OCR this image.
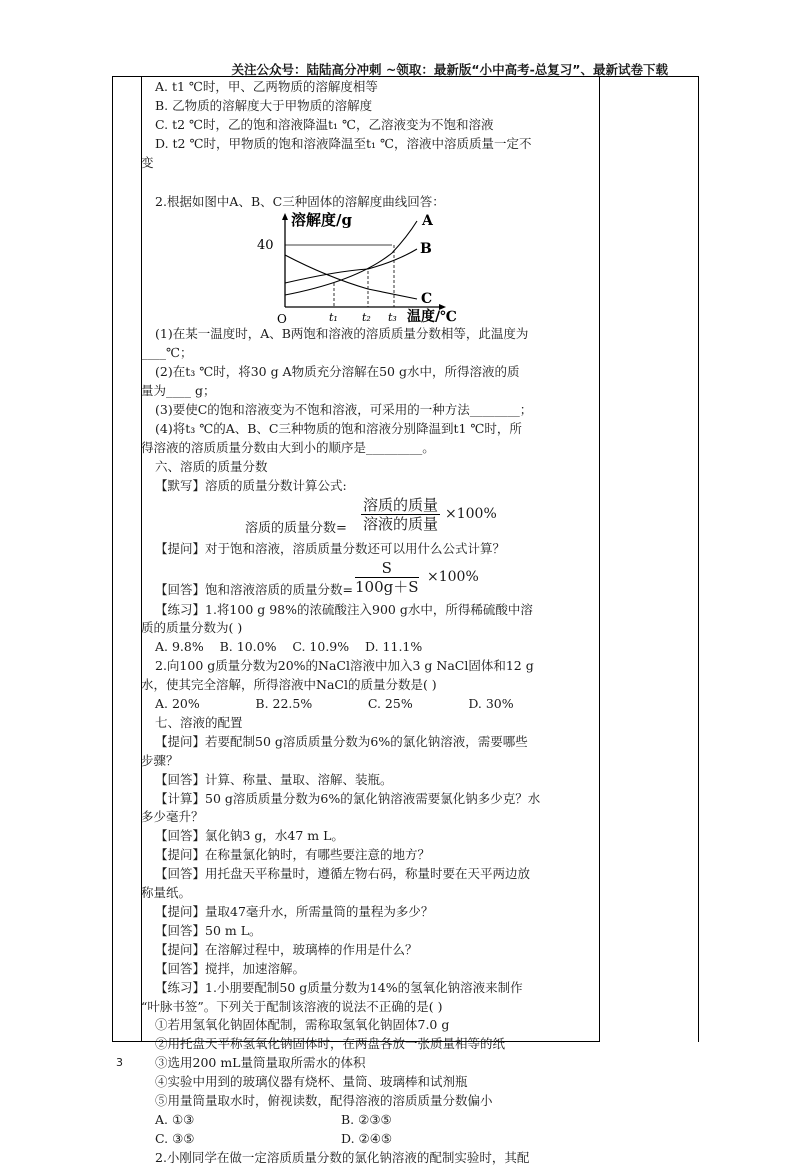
关注公众号：陆陆高分冲刺 ~领取：最新版“小中高考-总复习”、最新试卷下载

A. t1 ℃时，甲、乙两物质的溶解度相等

B. 乙物质的溶解度大于甲物质的溶解度

C. t2 ℃时，乙的饱和溶液降温t₁ ℃，乙溶液变为不饱和溶液

D. t2 ℃时，甲物质的饱和溶液降温至t₁ ℃，溶液中溶质质量一定不

变

2.根据如图中A、B、C三种固体的溶解度曲线回答：

溶解度/g
40
O
A
B
C
t₁ t₂ t₃ 温度/℃

(1)在某一温度时，A、B两饱和溶液的溶质质量分数相等，此温度为

____℃；

(2)在t₃ ℃时，将30 g A物质充分溶解在50 g水中，所得溶液的质

量为____ g；

(3)要使C的饱和溶液变为不饱和溶液，可采用的一种方法________；

(4)将t₃ ℃的A、B、C三种物质的饱和溶液分别降温到t1 ℃时，所

得溶液的溶质质量分数由大到小的顺序是_________。

六、溶质的质量分数

【默写】溶质的质量分数计算公式:

溶质的质量分数=
溶质的质量
溶液的质量
×100%

【提问】对于饱和溶液，溶质质量分数还可以用什么公式计算？

【回答】饱和溶液溶质的质量分数= $\frac{S}{100g+S} \times 100\%$

【练习】1.将100 g 98%的浓硫酸注入900 g水中，所得稀硫酸中溶

质的质量分数为( )

A. 9.8%    B. 10.0%    C. 10.9%    D. 11.1%

2.向100 g质量分数为20%的NaCl溶液中加入3 g NaCl固体和12 g

水，使其完全溶解，所得溶液中NaCl的质量分数是( )

A. 20%              B. 22.5%              C. 25%              D. 30%

七、溶液的配置

【提问】若要配制50 g溶质质量分数为6%的氯化钠溶液，需要哪些

步骤？

【回答】计算、称量、量取、溶解、装瓶。

【计算】50 g溶质质量分数为6%的氯化钠溶液需要氯化钠多少克？水

多少毫升？

【回答】氯化钠3 g，水47 m L。

【提问】在称量氯化钠时，有哪些要注意的地方？

【回答】用托盘天平称量时，遵循左物右码，称量时要在天平两边放

称量纸。

【提问】量取47毫升水，所需量筒的量程为多少？

【回答】50 m L。

【提问】在溶解过程中，玻璃棒的作用是什么？

【回答】搅拌，加速溶解。

【练习】1.小朋要配制50 g质量分数为14%的氢氧化钠溶液来制作

“叶脉书签”。下列关于配制该溶液的说法不正确的是( )

①若用氢氧化钠固体配制，需称取氢氧化钠固体7.0 g

②用托盘天平称氢氧化钠固体时，在两盘各放一张质量相等的纸

③选用200 mL量筒量取所需水的体积

④实验中用到的玻璃仪器有烧杯、量筒、玻璃棒和试剂瓶

⑤用量筒量取水时，俯视读数，配得溶液的溶质质量分数偏小

A. ①③	B. ②③⑤

C. ③⑤	D. ②④⑤

2.小刚同学在做一定溶质质量分数的氯化钠溶液的配制实验时，其配

3
